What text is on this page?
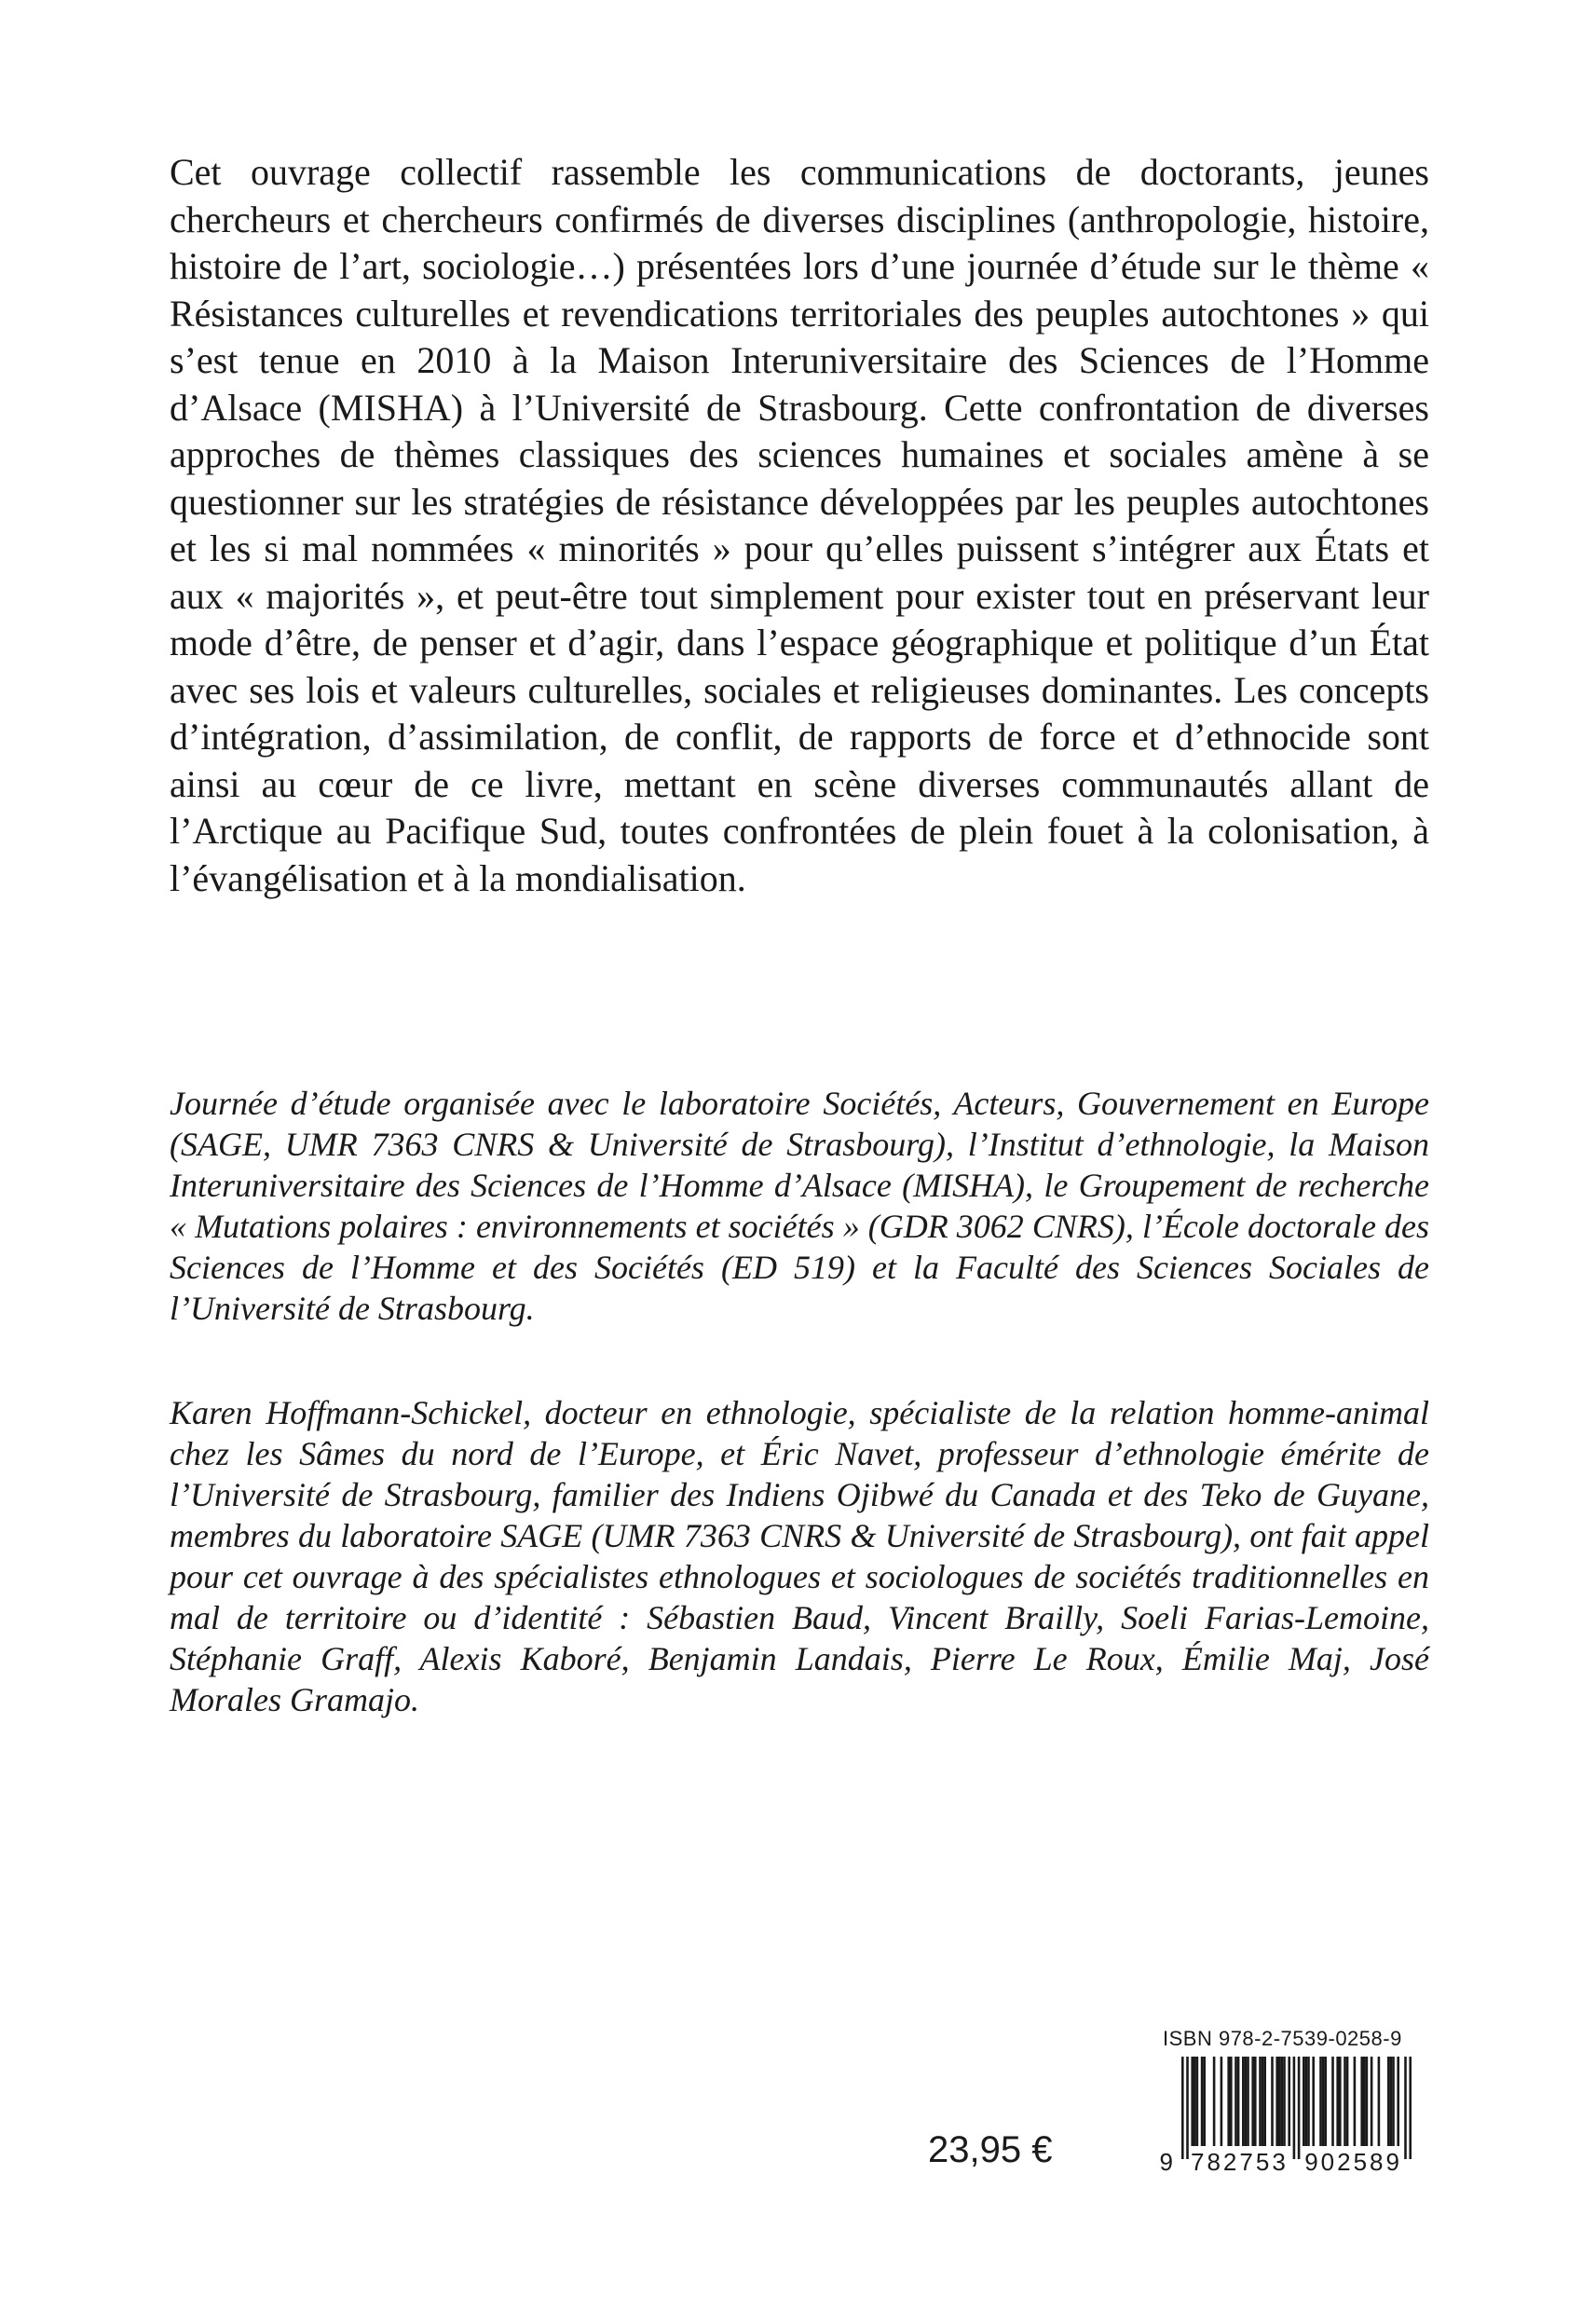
Cet ouvrage collectif rassemble les communications de doctorants, jeunes chercheurs et chercheurs confirmés de diverses disciplines (anthropologie, histoire, histoire de l’art, sociologie…) présentées lors d’une journée d’étude sur le thème « Résistances culturelles et revendications territoriales des peuples autochtones » qui s’est tenue en 2010 à la Maison Interuniversitaire des Sciences de l’Homme d’Alsace (MISHA) à l’Université de Strasbourg. Cette confrontation de diverses approches de thèmes classiques des sciences humaines et sociales amène à se questionner sur les stratégies de résistance développées par les peuples autochtones et les si mal nommées « minorités » pour qu’elles puissent s’intégrer aux États et aux « majorités », et peut-être tout simplement pour exister tout en préservant leur mode d’être, de penser et d’agir, dans l’espace géographique et politique d’un État avec ses lois et valeurs culturelles, sociales et religieuses dominantes. Les concepts d’intégration, d’assimilation, de conflit, de rapports de force et d’ethnocide sont ainsi au cœur de ce livre, mettant en scène diverses communautés allant de l’Arctique au Pacifique Sud, toutes confrontées de plein fouet à la colonisation, à l’évangélisation et à la mondialisation.

Journée d’étude organisée avec le laboratoire Sociétés, Acteurs, Gouvernement en Europe (SAGE, UMR 7363 CNRS & Université de Strasbourg), l’Institut d’ethnologie, la Maison Interuniversitaire des Sciences de l’Homme d’Alsace (MISHA), le Groupement de recherche « Mutations polaires : environnements et sociétés » (GDR 3062 CNRS), l’École doctorale des Sciences de l’Homme et des Sociétés (ED 519) et la Faculté des Sciences Sociales de l’Université de Strasbourg.

Karen Hoffmann-Schickel, docteur en ethnologie, spécialiste de la relation homme-animal chez les Sâmes du nord de l’Europe, et Éric Navet, professeur d’ethnologie émérite de l’Université de Strasbourg, familier des Indiens Ojibwé du Canada et des Teko de Guyane, membres du laboratoire SAGE (UMR 7363 CNRS & Université de Strasbourg), ont fait appel pour cet ouvrage à des spécialistes ethnologues et sociologues de sociétés traditionnelles en mal de territoire ou d’identité : Sébastien Baud, Vincent Brailly, Soeli Farias-Lemoine, Stéphanie Graff, Alexis Kaboré, Benjamin Landais, Pierre Le Roux, Émilie Maj, José Morales Gramajo.

23,95 €
ISBN 978-2-7539-0258-9
9 782753 902589
